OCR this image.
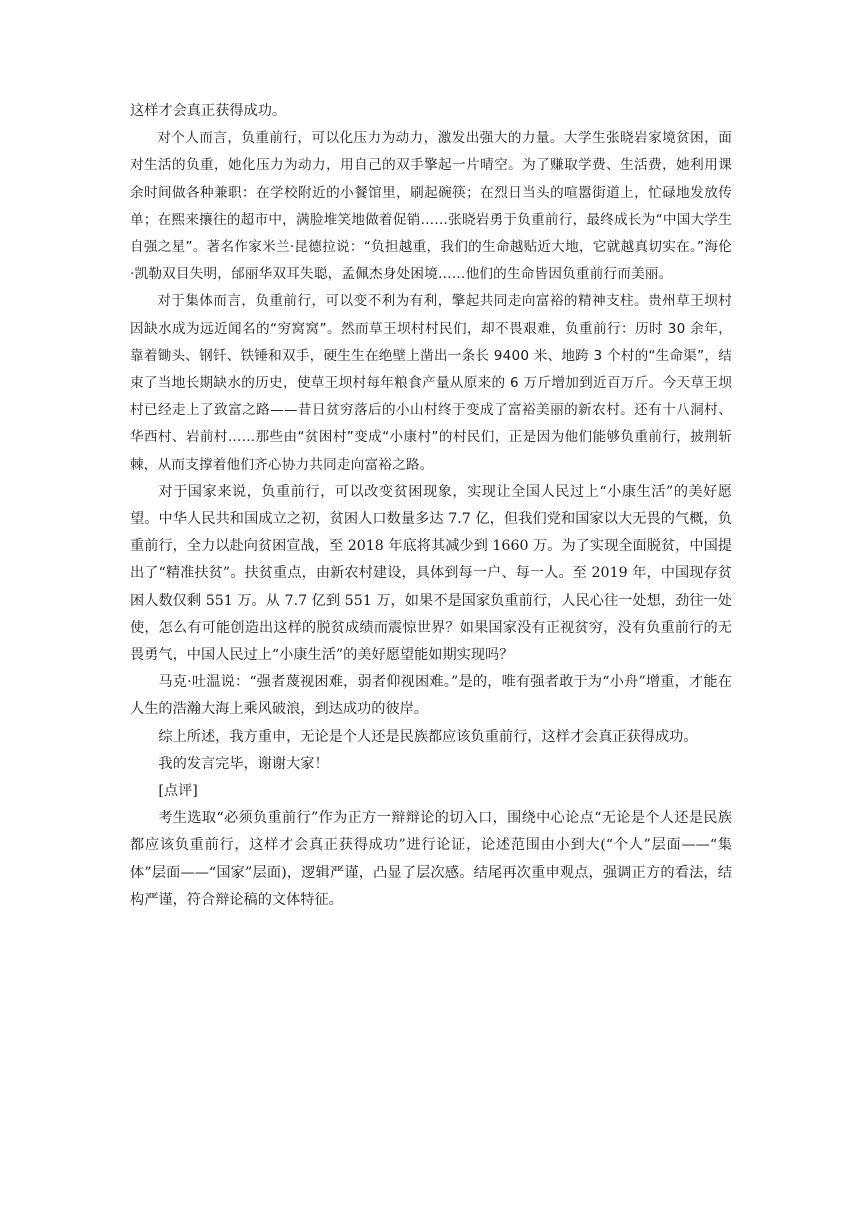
这样才会真正获得成功。

对个人而言，负重前行，可以化压力为动力，激发出强大的力量。大学生张晓岩家境贫困，面对生活的负重，她化压力为动力，用自己的双手擎起一片晴空。为了赚取学费、生活费，她利用课余时间做各种兼职：在学校附近的小餐馆里，刷起碗筷；在烈日当头的喧嚣街道上，忙碌地发放传单；在熙来攘往的超市中，满脸堆笑地做着促销……张晓岩勇于负重前行，最终成长为“中国大学生自强之星”。著名作家米兰·昆德拉说：“负担越重，我们的生命越贴近大地，它就越真切实在。”海伦·凯勒双目失明，邰丽华双耳失聪，孟佩杰身处困境……他们的生命皆因负重前行而美丽。

对于集体而言，负重前行，可以变不利为有利，擎起共同走向富裕的精神支柱。贵州草王坝村因缺水成为远近闻名的“穷窝窝”。然而草王坝村村民们，却不畏艰难，负重前行：历时 30 余年，靠着锄头、钢钎、铁锤和双手，硬生生在绝壁上凿出一条长 9400 米、地跨 3 个村的“生命渠”，结束了当地长期缺水的历史，使草王坝村每年粮食产量从原来的 6 万斤增加到近百万斤。今天草王坝村已经走上了致富之路——昔日贫穷落后的小山村终于变成了富裕美丽的新农村。还有十八洞村、华西村、岩前村……那些由“贫困村”变成“小康村”的村民们，正是因为他们能够负重前行，披荆斩棘，从而支撑着他们齐心协力共同走向富裕之路。

对于国家来说，负重前行，可以改变贫困现象，实现让全国人民过上“小康生活”的美好愿望。中华人民共和国成立之初，贫困人口数量多达 7.7 亿，但我们党和国家以大无畏的气概，负重前行，全力以赴向贫困宣战，至 2018 年底将其减少到 1660 万。为了实现全面脱贫，中国提出了“精准扶贫”。扶贫重点，由新农村建设，具体到每一户、每一人。至 2019 年，中国现存贫困人数仅剩 551 万。从 7.7 亿到 551 万，如果不是国家负重前行，人民心往一处想，劲往一处使，怎么有可能创造出这样的脱贫成绩而震惊世界？如果国家没有正视贫穷，没有负重前行的无畏勇气，中国人民过上“小康生活”的美好愿望能如期实现吗？

马克·吐温说：“强者蔑视困难，弱者仰视困难。”是的，唯有强者敢于为“小舟”增重，才能在人生的浩瀚大海上乘风破浪，到达成功的彼岸。

综上所述，我方重申，无论是个人还是民族都应该负重前行，这样才会真正获得成功。

我的发言完毕，谢谢大家！

[点评]

考生选取“必须负重前行”作为正方一辩辩论的切入口，围绕中心论点“无论是个人还是民族都应该负重前行，这样才会真正获得成功”进行论证，论述范围由小到大(“个人”层面——“集体”层面——“国家”层面)，逻辑严谨，凸显了层次感。结尾再次重申观点，强调正方的看法，结构严谨，符合辩论稿的文体特征。
